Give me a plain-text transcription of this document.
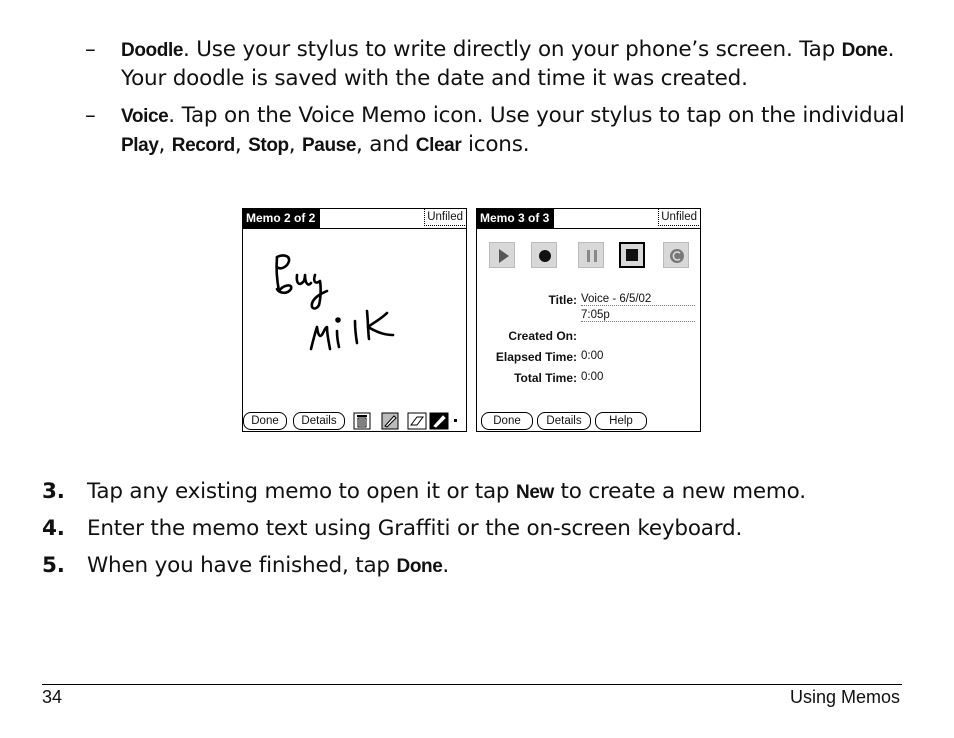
– Doodle. Use your stylus to write directly on your phone’s screen. Tap Done. Your doodle is saved with the date and time it was created.
– Voice. Tap on the Voice Memo icon. Use your stylus to tap on the individual Play, Record, Stop, Pause, and Clear icons.
Memo 2 of 2	Unfiled
Done	Details
Memo 3 of 3	Unfiled
Title: Voice - 6/5/02
7:05p
Created On:
Elapsed Time: 0:00
Total Time: 0:00
Done	Details	Help
3. Tap any existing memo to open it or tap New to create a new memo.
4. Enter the memo text using Graffiti or the on-screen keyboard.
5. When you have finished, tap Done.
34	Using Memos
